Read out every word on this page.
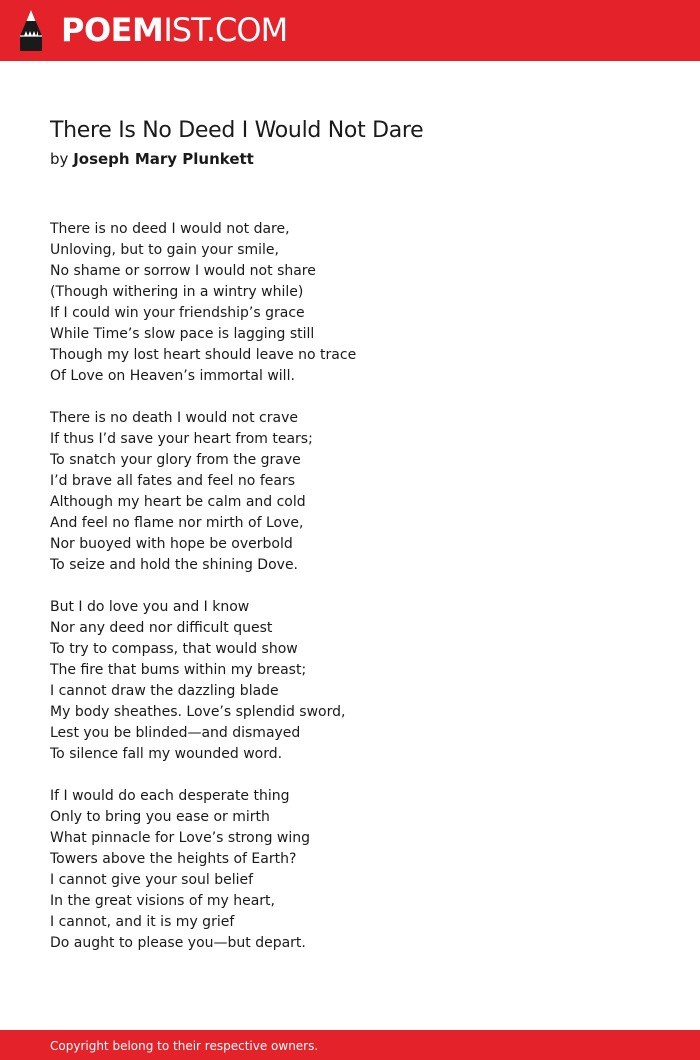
POEMIST.COM
There Is No Deed I Would Not Dare
by Joseph Mary Plunkett
There is no deed I would not dare,
Unloving, but to gain your smile,
No shame or sorrow I would not share
(Though withering in a wintry while)
If I could win your friendship’s grace
While Time’s slow pace is lagging still
Though my lost heart should leave no trace
Of Love on Heaven’s immortal will.
There is no death I would not crave
If thus I’d save your heart from tears;
To snatch your glory from the grave
I’d brave all fates and feel no fears
Although my heart be calm and cold
And feel no flame nor mirth of Love,
Nor buoyed with hope be overbold
To seize and hold the shining Dove.
But I do love you and I know
Nor any deed nor difficult quest
To try to compass, that would show
The fire that bums within my breast;
I cannot draw the dazzling blade
My body sheathes. Love’s splendid sword,
Lest you be blinded—and dismayed
To silence fall my wounded word.
If I would do each desperate thing
Only to bring you ease or mirth
What pinnacle for Love’s strong wing
Towers above the heights of Earth?
I cannot give your soul belief
In the great visions of my heart,
I cannot, and it is my grief
Do aught to please you—but depart.
Copyright belong to their respective owners.
